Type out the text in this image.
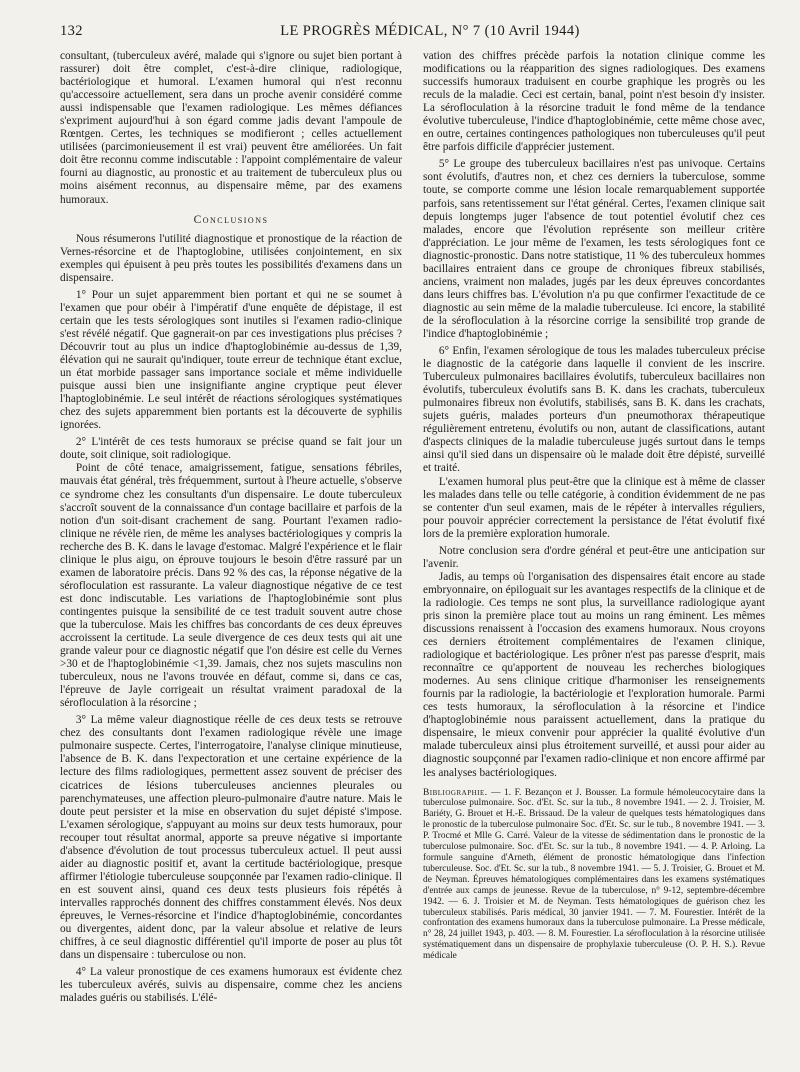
132	LE PROGRÈS MÉDICAL, N° 7 (10 Avril 1944)

consultant, (tuberculeux avéré, malade qui s'ignore ou sujet bien portant à rassurer) doit être complet, c'est-à-dire clinique, radiologique, bactériologique et humoral. L'examen humoral qui n'est reconnu qu'accessoire actuellement, sera dans un proche avenir considéré comme aussi indispensable que l'examen radiologique. Les mêmes défiances s'expriment aujourd'hui à son égard comme jadis devant l'ampoule de Rœntgen. Certes, les techniques se modifieront ; celles actuellement utilisées (parcimonieusement il est vrai) peuvent être améliorées. Un fait doit être reconnu comme indiscutable : l'appoint complémentaire de valeur fourni au diagnostic, au pronostic et au traitement de tuberculeux plus ou moins aisément reconnus, au dispensaire même, par des examens humoraux.

Conclusions

Nous résumerons l'utilité diagnostique et pronostique de la réaction de Vernes-résorcine et de l'haptoglobine, utilisées conjointement, en six exemples qui épuisent à peu près toutes les possibilités d'examens dans un dispensaire.

1° Pour un sujet apparemment bien portant et qui ne se soumet à l'examen que pour obéir à l'impératif d'une enquête de dépistage, il est certain que les tests sérologiques sont inutiles si l'examen radio-clinique s'est révélé négatif. Que gagnerait-on par ces investigations plus précises ? Découvrir tout au plus un indice d'haptoglobinémie au-dessus de 1,39, élévation qui ne saurait qu'indiquer, toute erreur de technique étant exclue, un état morbide passager sans importance sociale et même individuelle puisque aussi bien une insignifiante angine cryptique peut élever l'haptoglobinémie. Le seul intérêt de réactions sérologiques systématiques chez des sujets apparemment bien portants est la découverte de syphilis ignorées.

2° L'intérêt de ces tests humoraux se précise quand se fait jour un doute, soit clinique, soit radiologique.

Point de côté tenace, amaigrissement, fatigue, sensations fébriles, mauvais état général, très fréquemment, surtout à l'heure actuelle, s'observe ce syndrome chez les consultants d'un dispensaire. Le doute tuberculeux s'accroît souvent de la connaissance d'un contage bacillaire et parfois de la notion d'un soit-disant crachement de sang. Pourtant l'examen radio-clinique ne révèle rien, de même les analyses bactériologiques y compris la recherche des B. K. dans le lavage d'estomac. Malgré l'expérience et le flair clinique le plus aigu, on éprouve toujours le besoin d'être rassuré par un examen de laboratoire précis. Dans 92 % des cas, la réponse négative de la sérofloculation est rassurante. La valeur diagnostique négative de ce test est donc indiscutable. Les variations de l'haptoglobinémie sont plus contingentes puisque la sensibilité de ce test traduit souvent autre chose que la tuberculose. Mais les chiffres bas concordants de ces deux épreuves accroissent la certitude. La seule divergence de ces deux tests qui ait une grande valeur pour ce diagnostic négatif que l'on désire est celle du Vernes >30 et de l'haptoglobinémie <1,39. Jamais, chez nos sujets masculins non tuberculeux, nous ne l'avons trouvée en défaut, comme si, dans ce cas, l'épreuve de Jayle corrigeait un résultat vraiment paradoxal de la sérofloculation à la résorcine ;

3° La même valeur diagnostique réelle de ces deux tests se retrouve chez des consultants dont l'examen radiologique révèle une image pulmonaire suspecte. Certes, l'interrogatoire, l'analyse clinique minutieuse, l'absence de B. K. dans l'expectoration et une certaine expérience de la lecture des films radiologiques, permettent assez souvent de préciser des cicatrices de lésions tuberculeuses anciennes pleurales ou parenchymateuses, une affection pleuro-pulmonaire d'autre nature. Mais le doute peut persister et la mise en observation du sujet dépisté s'impose. L'examen sérologique, s'appuyant au moins sur deux tests humoraux, pour recouper tout résultat anormal, apporte sa preuve négative si importante d'absence d'évolution de tout processus tuberculeux actuel. Il peut aussi aider au diagnostic positif et, avant la certitude bactériologique, presque affirmer l'étiologie tuberculeuse soupçonnée par l'examen radio-clinique. Il en est souvent ainsi, quand ces deux tests plusieurs fois répétés à intervalles rapprochés donnent des chiffres constamment élevés. Nos deux épreuves, le Vernes-résorcine et l'indice d'haptoglobinémie, concordantes ou divergentes, aident donc, par la valeur absolue et relative de leurs chiffres, à ce seul diagnostic différentiel qu'il importe de poser au plus tôt dans un dispensaire : tuberculose ou non.

4° La valeur pronostique de ces examens humoraux est évidente chez les tuberculeux avérés, suivis au dispensaire, comme chez les anciens malades guéris ou stabilisés. L'élé-

vation des chiffres précède parfois la notation clinique comme les modifications ou la réapparition des signes radiologiques. Des examens successifs humoraux traduisent en courbe graphique les progrès ou les reculs de la maladie. Ceci est certain, banal, point n'est besoin d'y insister. La sérofloculation à la résorcine traduit le fond même de la tendance évolutive tuberculeuse, l'indice d'haptoglobinémie, cette même chose avec, en outre, certaines contingences pathologiques non tuberculeuses qu'il peut être parfois difficile d'apprécier justement.

5° Le groupe des tuberculeux bacillaires n'est pas univoque. Certains sont évolutifs, d'autres non, et chez ces derniers la tuberculose, somme toute, se comporte comme une lésion locale remarquablement supportée parfois, sans retentissement sur l'état général. Certes, l'examen clinique sait depuis longtemps juger l'absence de tout potentiel évolutif chez ces malades, encore que l'évolution représente son meilleur critère d'appréciation. Le jour même de l'examen, les tests sérologiques font ce diagnostic-pronostic. Dans notre statistique, 11 % des tuberculeux hommes bacillaires entraient dans ce groupe de chroniques fibreux stabilisés, anciens, vraiment non malades, jugés par les deux épreuves concordantes dans leurs chiffres bas. L'évolution n'a pu que confirmer l'exactitude de ce diagnostic au sein même de la maladie tuberculeuse. Ici encore, la stabilité de la sérofloculation à la résorcine corrige la sensibilité trop grande de l'indice d'haptoglobinémie ;

6° Enfin, l'examen sérologique de tous les malades tuberculeux précise le diagnostic de la catégorie dans laquelle il convient de les inscrire. Tuberculeux pulmonaires bacillaires évolutifs, tuberculeux bacillaires non évolutifs, tuberculeux évolutifs sans B. K. dans les crachats, tuberculeux pulmonaires fibreux non évolutifs, stabilisés, sans B. K. dans les crachats, sujets guéris, malades porteurs d'un pneumothorax thérapeutique régulièrement entretenu, évolutifs ou non, autant de classifications, autant d'aspects cliniques de la maladie tuberculeuse jugés surtout dans le temps ainsi qu'il sied dans un dispensaire où le malade doit être dépisté, surveillé et traité.

L'examen humoral plus peut-être que la clinique est à même de classer les malades dans telle ou telle catégorie, à condition évidemment de ne pas se contenter d'un seul examen, mais de le répéter à intervalles réguliers, pour pouvoir apprécier correctement la persistance de l'état évolutif fixé lors de la première exploration humorale.

Notre conclusion sera d'ordre général et peut-être une anticipation sur l'avenir.

Jadis, au temps où l'organisation des dispensaires était encore au stade embryonnaire, on épiloguait sur les avantages respectifs de la clinique et de la radiologie. Ces temps ne sont plus, la surveillance radiologique ayant pris sinon la première place tout au moins un rang éminent. Les mêmes discussions renaissent à l'occasion des examens humoraux. Nous croyons ces derniers étroitement complémentaires de l'examen clinique, radiologique et bactériologique. Les prôner n'est pas paresse d'esprit, mais reconnaître ce qu'apportent de nouveau les recherches biologiques modernes. Au sens clinique critique d'harmoniser les renseignements fournis par la radiologie, la bactériologie et l'exploration humorale. Parmi ces tests humoraux, la sérofloculation à la résorcine et l'indice d'haptoglobinémie nous paraissent actuellement, dans la pratique du dispensaire, le mieux convenir pour apprécier la qualité évolutive d'un malade tuberculeux ainsi plus étroitement surveillé, et aussi pour aider au diagnostic soupçonné par l'examen radio-clinique et non encore affirmé par les analyses bactériologiques.

Bibliographie. — 1. F. Bezançon et J. Bousser. La formule hémoleucocytaire dans la tuberculose pulmonaire. Soc. d'Et. Sc. sur la tub., 8 novembre 1941. — 2. J. Troisier, M. Bariéty, G. Brouet et H.-E. Brissaud. De la valeur de quelques tests hématologiques dans le pronostic de la tuberculose pulmonaire Soc. d'Et. Sc. sur le tub., 8 novembre 1941. — 3. P. Trocmé et Mlle G. Carré. Valeur de la vitesse de sédimentation dans le pronostic de la tuberculose pulmonaire. Soc. d'Et. Sc. sur la tub., 8 novembre 1941. — 4. P. Arloing. La formule sanguine d'Arneth, élément de pronostic hématologique dans l'infection tuberculeuse. Soc. d'Et. Sc. sur la tub., 8 novembre 1941. — 5. J. Troisier, G. Brouet et M. de Neyman. Épreuves hématologiques complémentaires dans les examens systématiques d'entrée aux camps de jeunesse. Revue de la tuberculose, n° 9-12, septembre-décembre 1942. — 6. J. Troisier et M. de Neyman. Tests hématologiques de guérison chez les tuberculeux stabilisés. Paris médical, 30 janvier 1941. — 7. M. Fourestier. Intérêt de la confrontation des examens humoraux dans la tuberculose pulmonaire. La Presse médicale, n° 28, 24 juillet 1943, p. 403. — 8. M. Fourestier. La sérofloculation à la résorcine utilisée systématiquement dans un dispensaire de prophylaxie tuberculeuse (O. P. H. S.). Revue médicale
